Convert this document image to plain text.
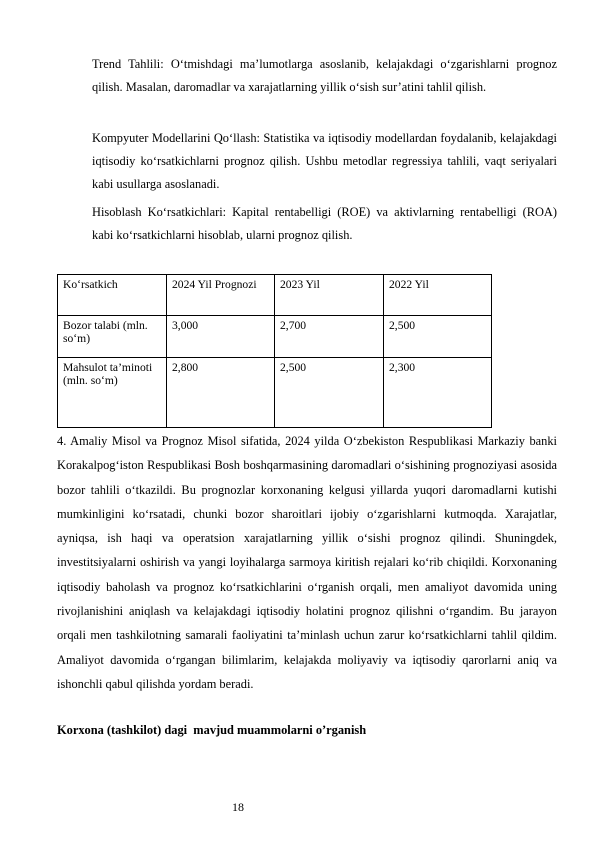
Trend Tahlili: O‘tmishdagi ma’lumotlarga asoslanib, kelajakdagi o‘zgarishlarni prognoz qilish. Masalan, daromadlar va xarajatlarning yillik o‘sish sur’atini tahlil qilish.
Kompyuter Modellarini Qo‘llash: Statistika va iqtisodiy modellardan foydalanib, kelajakdagi iqtisodiy ko‘rsatkichlarni prognoz qilish. Ushbu metodlar regressiya tahlili, vaqt seriyalari kabi usullarga asoslanadi.
Hisoblash Ko‘rsatkichlari: Kapital rentabelligi (ROE) va aktivlarning rentabelligi (ROA) kabi ko‘rsatkichlarni hisoblab, ularni prognoz qilish.
Ko‘rsatkich	2024 Yil Prognozi	2023 Yil	2022 Yil
Bozor talabi (mln. so‘m)	3,000	2,700	2,500
Mahsulot ta’minoti (mln. so‘m)	2,800	2,500	2,300
4. Amaliy Misol va Prognoz Misol sifatida, 2024 yilda O‘zbekiston Respublikasi Markaziy banki Korakalpog‘iston Respublikasi Bosh boshqarmasining daromadlari o‘sishining prognoziyasi asosida bozor tahlili o‘tkazildi. Bu prognozlar korxonaning kelgusi yillarda yuqori daromadlarni kutishi mumkinligini ko‘rsatadi, chunki bozor sharoitlari ijobiy o‘zgarishlarni kutmoqda. Xarajatlar, ayniqsa, ish haqi va operatsion xarajatlarning yillik o‘sishi prognoz qilindi. Shuningdek, investitsiyalarni oshirish va yangi loyihalarga sarmoya kiritish rejalari ko‘rib chiqildi. Korxonaning iqtisodiy baholash va prognoz ko‘rsatkichlarini o‘rganish orqali, men amaliyot davomida uning rivojlanishini aniqlash va kelajakdagi iqtisodiy holatini prognoz qilishni o‘rgandim. Bu jarayon orqali men tashkilotning samarali faoliyatini ta’minlash uchun zarur ko‘rsatkichlarni tahlil qildim. Amaliyot davomida o‘rgangan bilimlarim, kelajakda moliyaviy va iqtisodiy qarorlarni aniq va ishonchli qabul qilishda yordam beradi.
Korxona (tashkilot) dagi  mavjud muammolarni o’rganish
18
